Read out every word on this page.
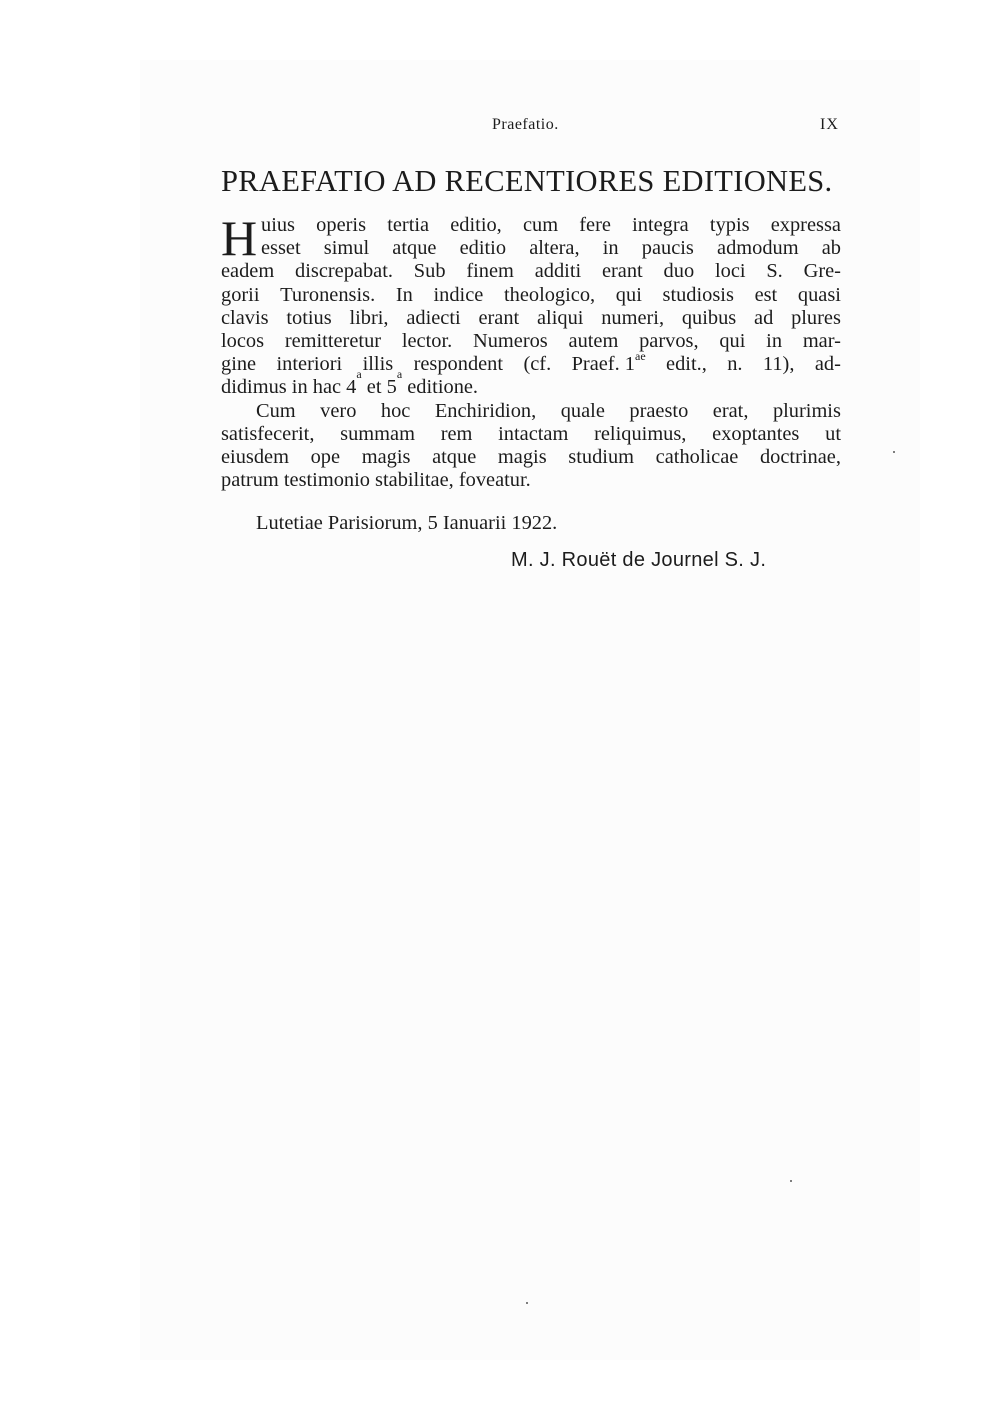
Praefatio.	IX
PRAEFATIO AD RECENTIORES EDITIONES.
H uius operis tertia editio, cum fere integra typis expressa
esset simul atque editio altera, in paucis admodum ab
eadem discrepabat. Sub finem additi erant duo loci S. Gre-
gorii Turonensis. In indice theologico, qui studiosis est quasi
clavis totius libri, adiecti erant aliqui numeri, quibus ad plures
locos remitteretur lector. Numeros autem parvos, qui in mar-
gine interiori illis respondent (cf. Praef. $1^{ae}$ edit., n. 11), ad-
didimus in hac 4
$^a$
et 5
$^a$
editione.
Cum vero hoc Enchiridion, quale praesto erat, plurimis
satisfecerit, summam rem intactam reliquimus, exoptantes ut
eiusdem ope magis atque magis studium catholicae doctrinae,
patrum testimonio stabilitae, foveatur.
Lutetiae Parisiorum, 5 Ianuarii 1922.
M. J. Rouët de Journel S. J.
